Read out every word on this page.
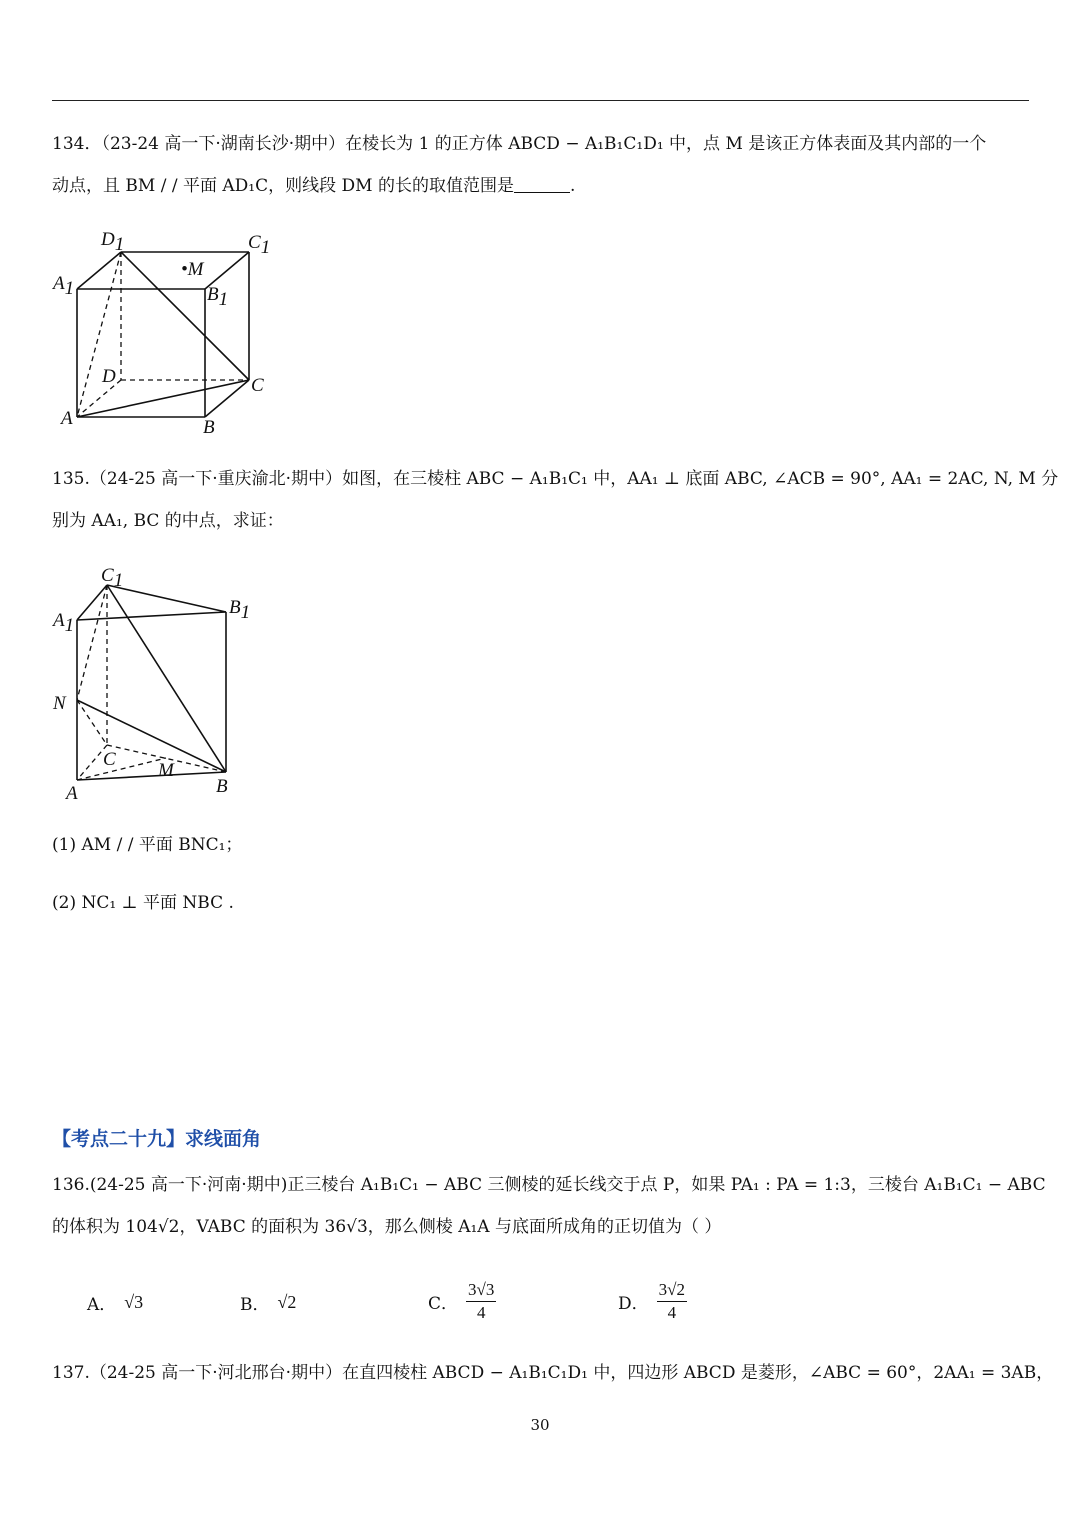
134．（23-24 高一下·湖南长沙·期中）在棱长为 1 的正方体 ABCD − A₁B₁C₁D₁ 中，点 M 是该正方体表面及其内部的一个
动点，且 BM / / 平面 AD₁C，则线段 DM 的长的取值范围是	.
D1	C1
A1	B1
•M
D	C
A	B
135.（24-25 高一下·重庆渝北·期中）如图，在三棱柱 ABC − A₁B₁C₁ 中，AA₁ ⊥ 底面 ABC, ∠ACB = 90°, AA₁ = 2AC, N, M 分
别为 AA₁, BC 的中点，求证：
C1
A1
B1
N
C
M
A	B
(1) AM / / 平面 BNC₁；
(2) NC₁ ⊥ 平面 NBC .
【考点二十九】求线面角
136.(24-25 高一下·河南·期中)正三棱台 A₁B₁C₁ − ABC 三侧棱的延长线交于点 P，如果 PA₁ : PA = 1:3，三棱台 A₁B₁C₁ − ABC
的体积为 104√2，VABC 的面积为 36√3，那么侧棱 A₁A 与底面所成角的正切值为（ ）
A． √3	B． √2	C． $\frac{3√3}{4}$	D． $\frac{3√2}{4}$
137.（24-25 高一下·河北邢台·期中）在直四棱柱 ABCD − A₁B₁C₁D₁ 中，四边形 ABCD 是菱形，∠ABC = 60°，2AA₁ = 3AB，
30
